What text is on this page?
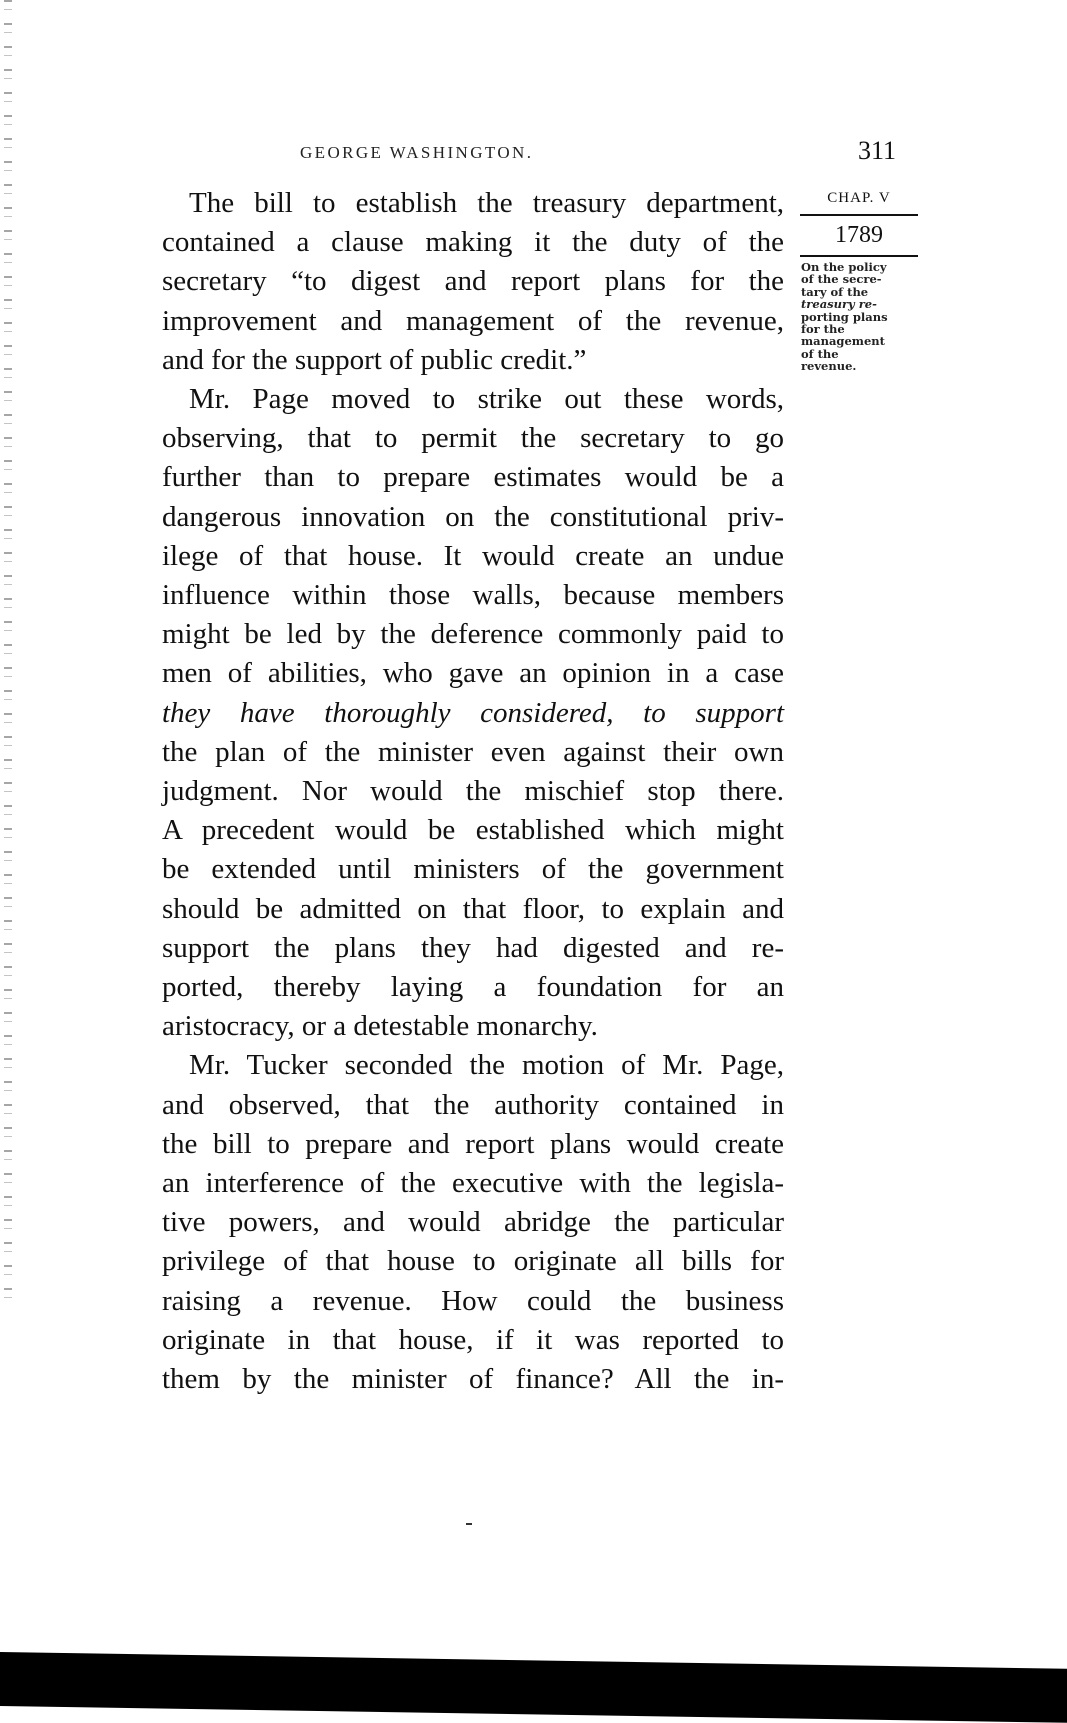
GEORGE WASHINGTON.	311
The bill to establish the treasury department,
contained a clause making it the duty of the
secretary “to digest and report plans for the
improvement and management of the revenue,
and for the support of public credit.”
Mr. Page moved to strike out these words,
observing, that to permit the secretary to go
further than to prepare estimates would be a
dangerous innovation on the constitutional priv-
ilege of that house. It would create an undue
influence within those walls, because members
might be led by the deference commonly paid to
men of abilities, who gave an opinion in a case
they have thoroughly considered, to support
the plan of the minister even against their own
judgment. Nor would the mischief stop there.
A precedent would be established which might
be extended until ministers of the government
should be admitted on that floor, to explain and
support the plans they had digested and re-
ported, thereby laying a foundation for an
aristocracy, or a detestable monarchy.
Mr. Tucker seconded the motion of Mr. Page,
and observed, that the authority contained in
the bill to prepare and report plans would create
an interference of the executive with the legisla-
tive powers, and would abridge the particular
privilege of that house to originate all bills for
raising a revenue. How could the business
originate in that house, if it was reported to
them by the minister of finance? All the in-
CHAP. V
1789
On the policy
of the secre-
tary of the
treasury re-
porting plans
for the
management
of the
revenue.
